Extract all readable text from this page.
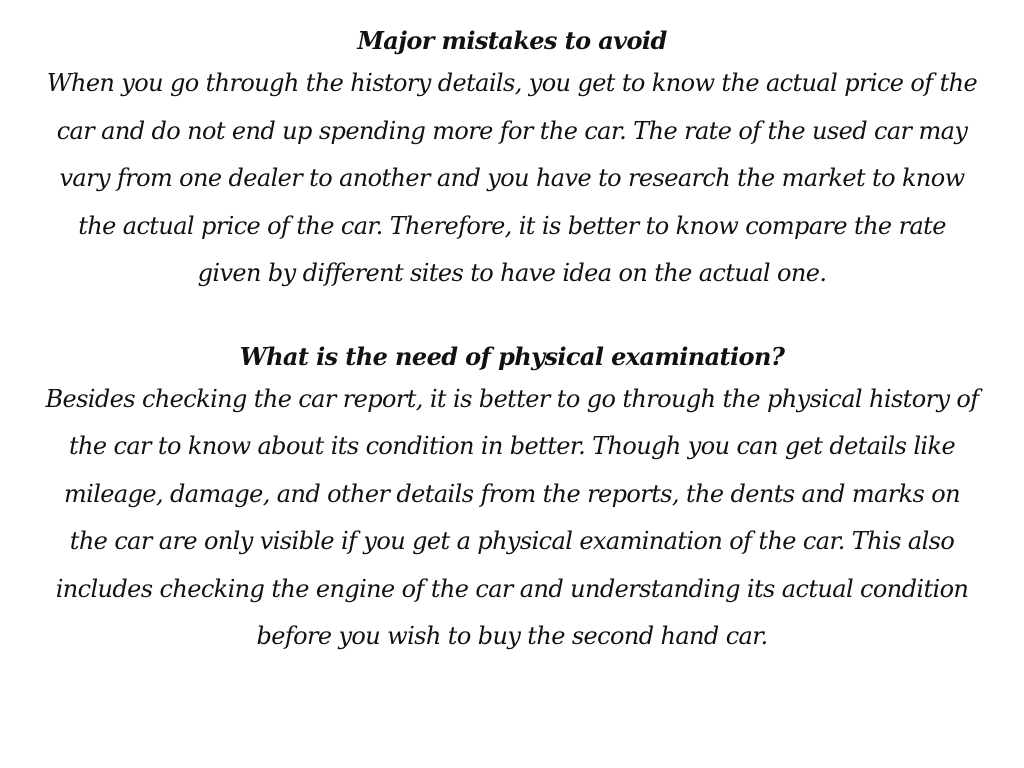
Major mistakes to avoid

When you go through the history details, you get to know the actual price of the car and do not end up spending more for the car. The rate of the used car may vary from one dealer to another and you have to research the market to know the actual price of the car. Therefore, it is better to know compare the rate given by different sites to have idea on the actual one.

What is the need of physical examination?

Besides checking the car report, it is better to go through the physical history of the car to know about its condition in better. Though you can get details like mileage, damage, and other details from the reports, the dents and marks on the car are only visible if you get a physical examination of the car. This also includes checking the engine of the car and understanding its actual condition before you wish to buy the second hand car.
